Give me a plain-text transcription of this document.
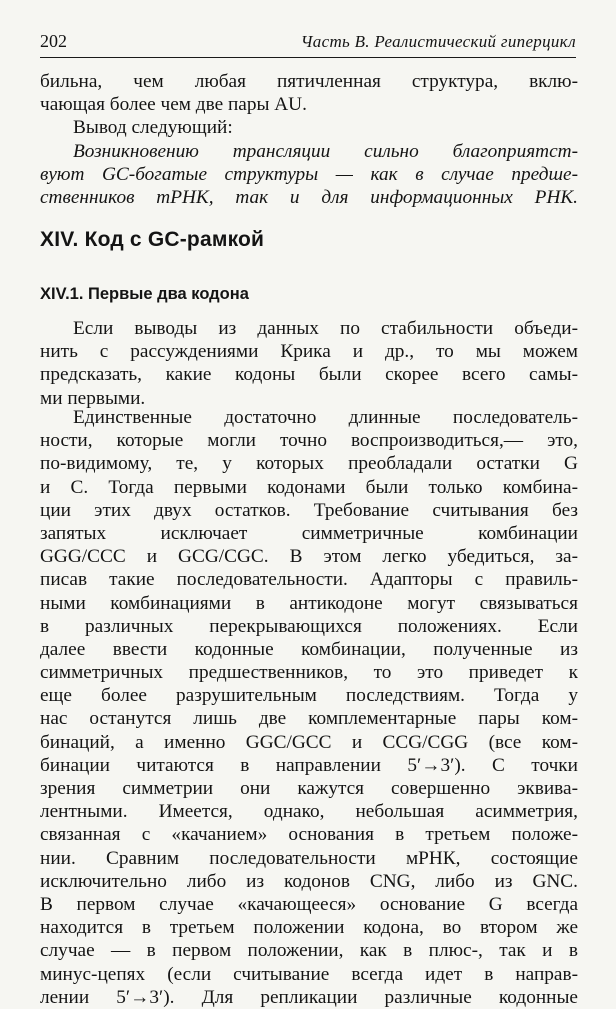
202	Часть В. Реалистический гиперцикл
бильна, чем любая пятичленная структура, вклю-
чающая более чем две пары AU.
Вывод следующий:
Возникновению трансляции сильно благоприятст-
вуют GC-богатые структуры — как в случае предше-
ственников тРНК, так и для информационных РНК.
XIV. Код с GC-рамкой
XIV.1. Первые два кодона
Если выводы из данных по стабильности объеди-
нить с рассуждениями Крика и др., то мы можем
предсказать, какие кодоны были скорее всего самы-
ми первыми.
Единственные достаточно длинные последователь-
ности, которые могли точно воспроизводиться,— это,
по-видимому, те, у которых преобладали остатки G
и C. Тогда первыми кодонами были только комбина-
ции этих двух остатков. Требование считывания без
запятых исключает симметричные комбинации
GGG/CCC и GCG/CGC. В этом легко убедиться, за-
писав такие последовательности. Адапторы с правиль-
ными комбинациями в антикодоне могут связываться
в различных перекрывающихся положениях. Если
далее ввести кодонные комбинации, полученные из
симметричных предшественников, то это приведет к
еще более разрушительным последствиям. Тогда у
нас останутся лишь две комплементарные пары ком-
бинаций, а именно GGC/GCC и CCG/CGG (все ком-
бинации читаются в направлении 5′→3′). С точки
зрения симметрии они кажутся совершенно эквива-
лентными. Имеется, однако, небольшая асимметрия,
связанная с «качанием» основания в третьем положе-
нии. Сравним последовательности мРНК, состоящие
исключительно либо из кодонов CNG, либо из GNC.
В первом случае «качающееся» основание G всегда
находится в третьем положении кодона, во втором же
случае — в первом положении, как в плюс-, так и в
минус-цепях (если считывание всегда идет в направ-
лении 5′→3′). Для репликации различные кодонные
